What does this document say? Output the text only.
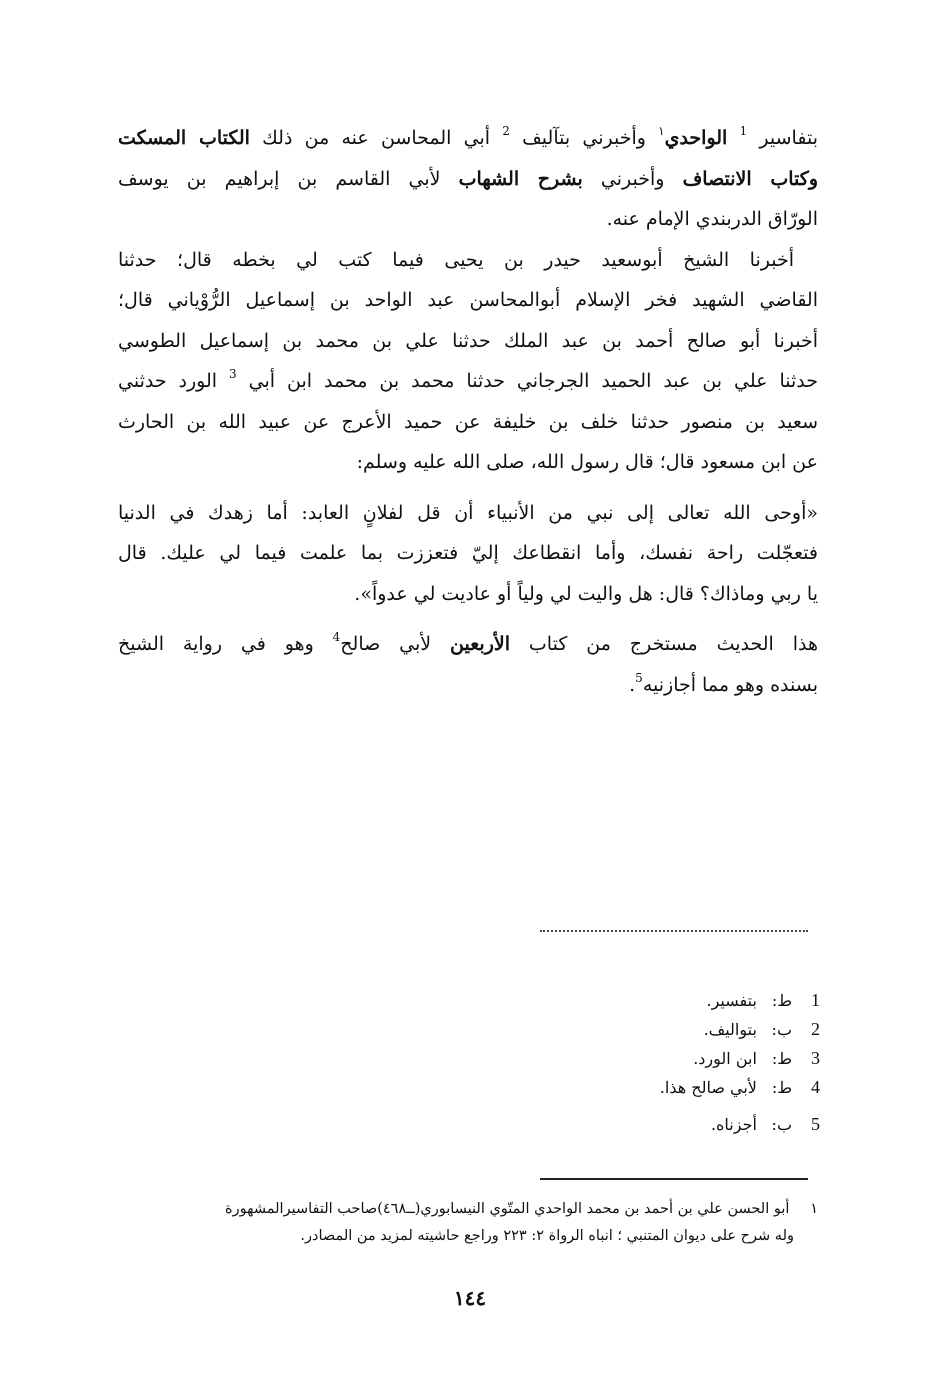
بتفاسير $^1$ الواحدي$^١$ وأخبرني بتآليف $^2$ أبي المحاسن عنه من ذلك الكتاب المسكت
وكتاب الانتصاف وأخبرني بشرح الشهاب لأبي القاسم بن إبراهيم بن يوسف
الورّاق الدربندي الإمام عنه.

أخبرنا الشيخ أبوسعيد حيدر بن يحيى فيما كتب لي بخطه قال؛ حدثنا
القاضي الشهيد فخر الإسلام أبوالمحاسن عبد الواحد بن إسماعيل الرُّوْياني قال؛
أخبرنا أبو صالح أحمد بن عبد الملك حدثنا علي بن محمد بن إسماعيل الطوسي
حدثنا علي بن عبد الحميد الجرجاني حدثنا محمد بن محمد ابن أبي $^3$ الورد حدثني
سعيد بن منصور حدثنا خلف بن خليفة عن حميد الأعرج عن عبيد الله بن الحارث
عن ابن مسعود قال؛ قال رسول الله، صلى الله عليه وسلم:

«أوحى الله تعالى إلى نبي من الأنبياء أن قل لفلانٍ العابد: أما زهدك في الدنيا
فتعجّلت راحة نفسك، وأما انقطاعك إليّ فتعززت بما علمت فيما لي عليك. قال
يا ربي وماذاك؟ قال: هل واليت لي ولياً أو عاديت لي عدواً».

هذا الحديث مستخرج من كتاب الأربعين لأبي صالح$^4$ وهو في رواية الشيخ
بسنده وهو مما أجازنيه$^5$.

1ط: بتفسير.
2ب: بتواليف.
3ط: ابن الورد.
4ط: لأبي صالح هذا.
5ب: أجزناه.
١ أبو الحسن علي بن أحمد بن محمد الواحدي المتّوي النيسابوري(ــ٤٦٨)صاحب التفاسيرالمشهورة
وله شرح على ديوان المتنبي ؛ انباه الرواة ٢: ٢٢٣ وراجع حاشيته لمزيد من المصادر.
١٤٤
